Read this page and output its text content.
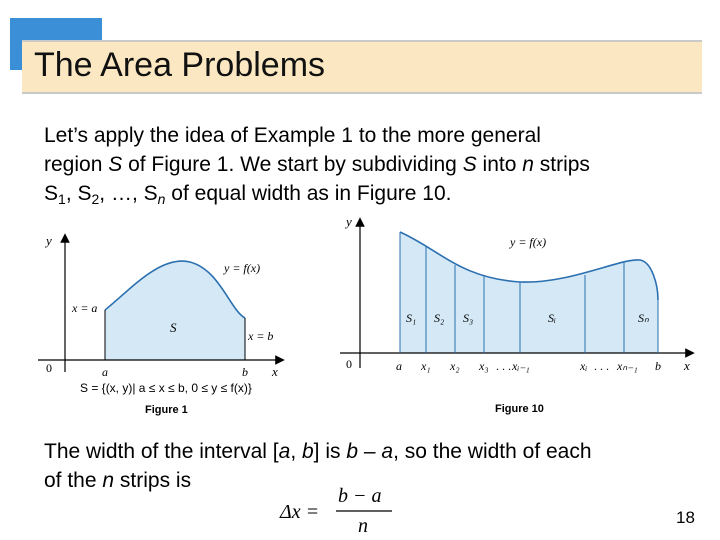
The Area Problems
Let’s apply the idea of Example 1 to the more general
region S of Figure 1. We start by subdividing S into n strips
$S_1$, $S_2$, …, $S_n$ of equal width as in Figure 10.
y
x
0	a	b
y = f(x)
x = a
x = b
S
S = {(x, y)| a ≤ x ≤ b, 0 ≤ y ≤ f(x)}
Figure 1
y
x
0
y = f(x)
S₁ S₂ S₃	Sᵢ	Sₙ
a x₁ x₂ x₃ . . . xᵢ₋₁	xᵢ . . . xₙ₋₁ b
Figure 10
The width of the interval [a, b] is b – a, so the width of each
of the n strips is
Δx =
b − a
n	18
